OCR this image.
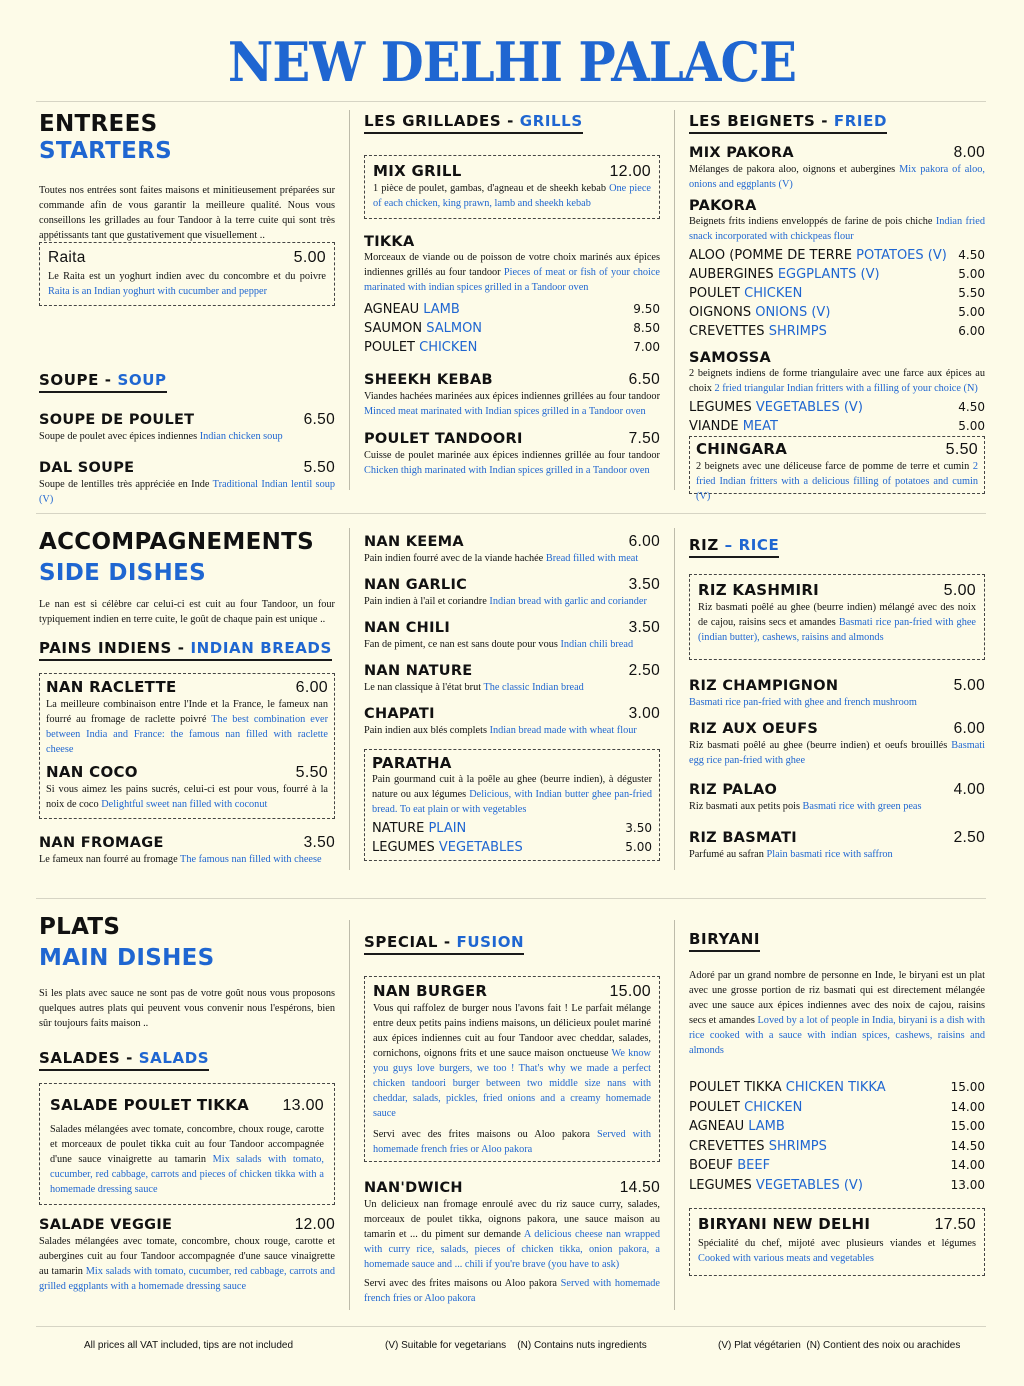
NEW DELHI PALACE
ENTREES
STARTERS
Toutes nos entrées sont faites maisons et minitieusement préparées sur commande afin de vous garantir la meilleure qualité. Nous vous conseillons les grillades au four Tandoor à la terre cuite qui sont très appétissants tant que gustativement que visuellement ..
Raita	5.00
Le Raita est un yoghurt indien avec du concombre et du poivre Raita is an Indian yoghurt with cucumber and pepper
SOUPE - SOUP
SOUPE DE POULET	6.50
Soupe de poulet avec épices indiennes Indian chicken soup
DAL SOUPE	5.50
Soupe de lentilles très appréciée en Inde Traditional Indian lentil soup (V)
LES GRILLADES - GRILLS
MIX GRILL	12.00
1 pièce de poulet, gambas, d'agneau et de sheekh kebab One piece of each chicken, king prawn, lamb and sheekh kebab
TIKKA
Morceaux de viande ou de poisson de votre choix marinés aux épices indiennes grillés au four tandoor Pieces of meat or fish of your choice marinated with indian spices grilled in a Tandoor oven
AGNEAU LAMB	9.50
SAUMON SALMON	8.50
POULET CHICKEN	7.00
SHEEKH KEBAB	6.50
Viandes hachées marinées aux épices indiennes grillées au four tandoor Minced meat marinated with Indian spices grilled in a Tandoor oven
POULET TANDOORI	7.50
Cuisse de poulet marinée aux épices indiennes grillée au four tandoor Chicken thigh marinated with Indian spices grilled in a Tandoor oven
LES BEIGNETS - FRIED
MIX PAKORA	8.00
Mélanges de pakora aloo, oignons et aubergines Mix pakora of aloo, onions and eggplants (V)
PAKORA
Beignets frits indiens enveloppés de farine de pois chiche Indian fried snack incorporated with chickpeas flour
ALOO (POMME DE TERRE POTATOES (V) 4.50
AUBERGINES EGGPLANTS (V)	5.00
POULET CHICKEN	5.50
OIGNONS ONIONS (V)	5.00
CREVETTES SHRIMPS	6.00
SAMOSSA
2 beignets indiens de forme triangulaire avec une farce aux épices au choix 2 fried triangular Indian fritters with a filling of your choice (N)
LEGUMES VEGETABLES (V)	4.50
VIANDE MEAT	5.00
CHINGARA	5.50
2 beignets avec une déliceuse farce de pomme de terre et cumin 2 fried Indian fritters with a delicious filling of potatoes and cumin (V)
ACCOMPAGNEMENTS
SIDE DISHES
Le nan est si célèbre car celui-ci est cuit au four Tandoor, un four typiquement indien en terre cuite, le goût de chaque pain est unique ..
PAINS INDIENS - INDIAN BREADS
NAN RACLETTE	6.00
La meilleure combinaison entre l'Inde et la France, le fameux nan fourré au fromage de raclette poivré The best combination ever between India and France: the famous nan filled with raclette cheese
NAN COCO	5.50
Si vous aimez les pains sucrés, celui-ci est pour vous, fourré à la noix de coco Delightful sweet nan filled with coconut
NAN FROMAGE	3.50
Le fameux nan fourré au fromage The famous nan filled with cheese
NAN KEEMA	6.00
Pain indien fourré avec de la viande hachée Bread filled with meat
NAN GARLIC	3.50
Pain indien à l'ail et coriandre Indian bread with garlic and coriander
NAN CHILI	3.50
Fan de piment, ce nan est sans doute pour vous Indian chili bread
NAN NATURE	2.50
Le nan classique à l'état brut The classic Indian bread
CHAPATI	3.00
Pain indien aux blés complets Indian bread made with wheat flour
PARATHA
Pain gourmand cuit à la poêle au ghee (beurre indien), à déguster nature ou aux légumes Delicious, with Indian butter ghee pan-fried bread. To eat plain or with vegetables
NATURE PLAIN	3.50
LEGUMES VEGETABLES	5.00
RIZ – RICE
RIZ KASHMIRI	5.00
Riz basmati poêlé au ghee (beurre indien) mélangé avec des noix de cajou, raisins secs et amandes Basmati rice pan-fried with ghee (indian butter), cashews, raisins and almonds
RIZ CHAMPIGNON	5.00
Basmati rice pan-fried with ghee and french mushroom
RIZ AUX OEUFS	6.00
Riz basmati poêlé au ghee (beurre indien) et oeufs brouillés Basmati egg rice pan-fried with ghee
RIZ PALAO	4.00
Riz basmati aux petits pois Basmati rice with green peas
RIZ BASMATI	2.50
Parfumé au safran Plain basmati rice with saffron
PLATS
MAIN DISHES
Si les plats avec sauce ne sont pas de votre goût nous vous proposons quelques autres plats qui peuvent vous convenir nous l'espérons, bien sûr toujours faits maison ..
SALADES - SALADS
SALADE POULET TIKKA 13.00
Salades mélangées avec tomate, concombre, choux rouge, carotte et morceaux de poulet tikka cuit au four Tandoor accompagnée d'une sauce vinaigrette au tamarin Mix salads with tomato, cucumber, red cabbage, carrots and pieces of chicken tikka with a homemade dressing sauce
SALADE VEGGIE	12.00
Salades mélangées avec tomate, concombre, choux rouge, carotte et aubergines cuit au four Tandoor accompagnée d'une sauce vinaigrette au tamarin Mix salads with tomato, cucumber, red cabbage, carrots and grilled eggplants with a homemade dressing sauce
SPECIAL - FUSION
NAN BURGER	15.00
Vous qui raffolez de burger nous l'avons fait ! Le parfait mélange entre deux petits pains indiens maisons, un délicieux poulet mariné aux épices indiennes cuit au four Tandoor avec cheddar, salades, cornichons, oignons frits et une sauce maison onctueuse We know you guys love burgers, we too ! That's why we made a perfect chicken tandoori burger between two middle size nans with cheddar, salads, pickles, fried onions and a creamy homemade sauce
Servi avec des frites maisons ou Aloo pakora Served with homemade french fries or Aloo pakora
NAN'DWICH	14.50
Un delicieux nan fromage enroulé avec du riz sauce curry, salades, morceaux de poulet tikka, oignons pakora, une sauce maison au tamarin et ... du piment sur demande A delicious cheese nan wrapped with curry rice, salads, pieces of chicken tikka, onion pakora, a homemade sauce and ... chili if you're brave (you have to ask)
Servi avec des frites maisons ou Aloo pakora Served with homemade french fries or Aloo pakora
BIRYANI
Adoré par un grand nombre de personne en Inde, le biryani est un plat avec une grosse portion de riz basmati qui est directement mélangée avec une sauce aux épices indiennes avec des noix de cajou, raisins secs et amandes Loved by a lot of people in India, biryani is a dish with rice cooked with a sauce with indian spices, cashews, raisins and almonds
POULET TIKKA CHICKEN TIKKA	15.00
POULET CHICKEN	14.00
AGNEAU LAMB	15.00
CREVETTES SHRIMPS	14.50
BOEUF BEEF	14.00
LEGUMES VEGETABLES (V)	13.00
BIRYANI NEW DELHI	17.50
Spécialité du chef, mijoté avec plusieurs viandes et légumes Cooked with various meats and vegetables
All prices all VAT included, tips are not included	(V) Suitable for vegetarians    (N) Contains nuts ingredients	(V) Plat végétarien  (N) Contient des noix ou arachides
